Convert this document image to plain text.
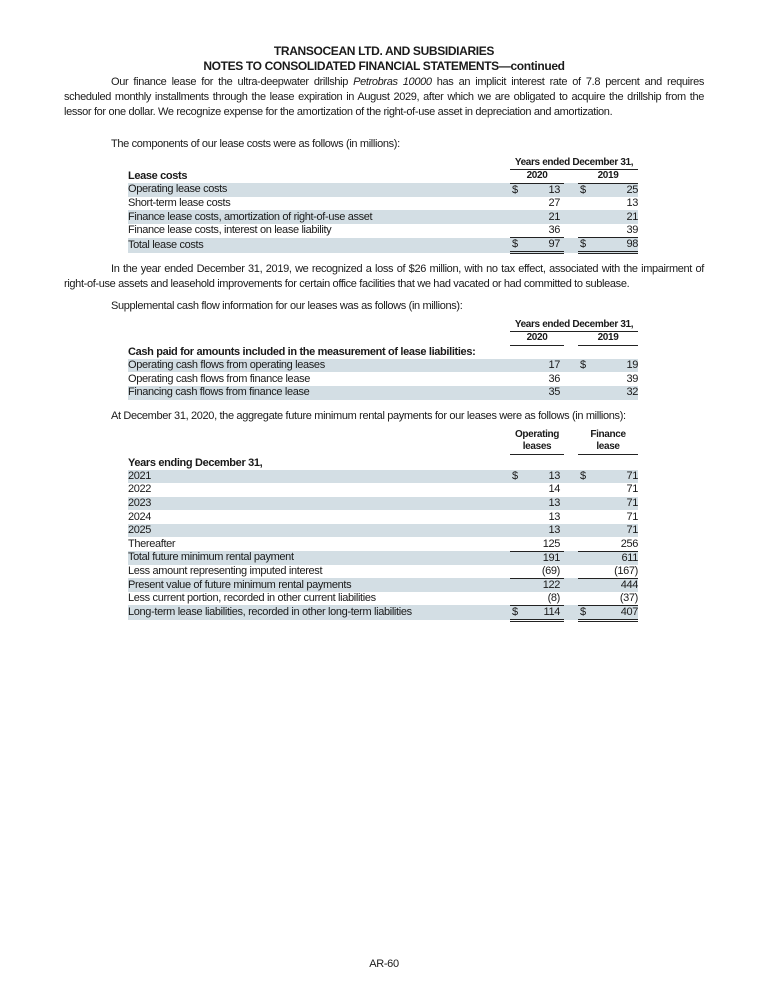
TRANSOCEAN LTD. AND SUBSIDIARIES
NOTES TO CONSOLIDATED FINANCIAL STATEMENTS—continued

Our finance lease for the ultra-deepwater drillship Petrobras 10000 has an implicit interest rate of 7.8 percent and requires scheduled monthly installments through the lease expiration in August 2029, after which we are obligated to acquire the drillship from the lessor for one dollar. We recognize expense for the amortization of the right-of-use asset in depreciation and amortization.

The components of our lease costs were as follows (in millions):

	Years ended December 31,				
Lease costs	2020			2019	
Operating lease costs	$	13		$	25
Short-term lease costs		27			13
Finance lease costs, amortization of right-of-use asset		21			21
Finance lease costs, interest on lease liability		36			39
Total lease costs	$	97		$	98

In the year ended December 31, 2019, we recognized a loss of $26 million, with no tax effect, associated with the impairment of right-of-use assets and leasehold improvements for certain office facilities that we had vacated or had committed to sublease.

Supplemental cash flow information for our leases was as follows (in millions):

	Years ended December 31,				
	2020			2019	
Cash paid for amounts included in the measurement of lease liabilities:					
Operating cash flows from operating leases		17		$	19
Operating cash flows from finance lease		36			39
Financing cash flows from finance lease		35			32

At December 31, 2020, the aggregate future minimum rental payments for our leases were as follows (in millions):

	Operating leases			Finance lease	
Years ending December 31,					
2021	$	13		$	71
2022		14			71
2023		13			71
2024		13			71
2025		13			71
Thereafter		125			256
Total future minimum rental payment		191			611
Less amount representing imputed interest		(69)			(167)
Present value of future minimum rental payments		122			444
Less current portion, recorded in other current liabilities		(8)			(37)
Long-term lease liabilities, recorded in other long-term liabilities	$	114		$	407
AR-60
